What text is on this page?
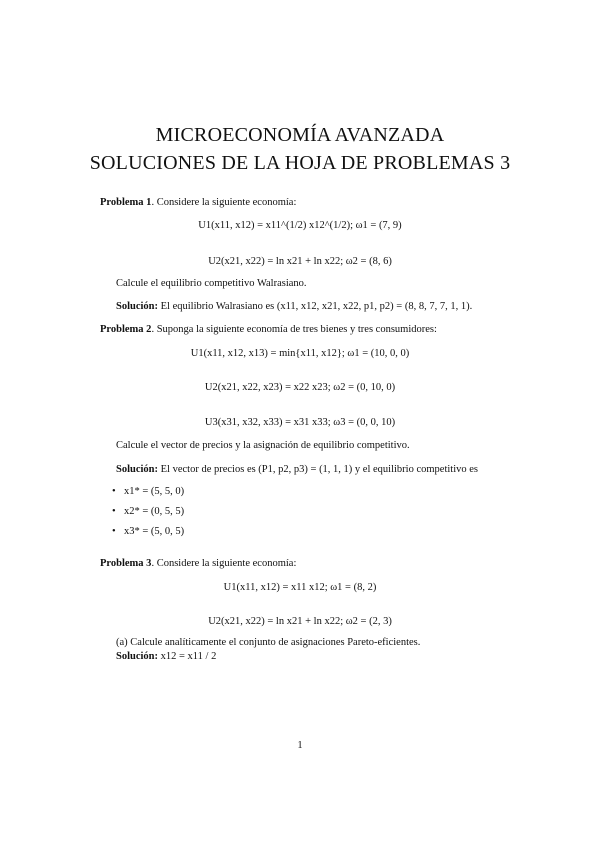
MICROECONOMÍA AVANZADA
SOLUCIONES DE LA HOJA DE PROBLEMAS 3
Problema 1. Considere la siguiente economía:
U1(x11, x12) = x11^(1/2) x12^(1/2); ω1 = (7, 9)
U2(x21, x22) = ln x21 + ln x22; ω2 = (8, 6)
Calcule el equilibrio competitivo Walrasiano.
Solución: El equilibrio Walrasiano es (x11, x12, x21, x22, p1, p2) = (8, 8, 7, 7, 1, 1).
Problema 2. Suponga la siguiente economía de tres bienes y tres consumidores:
U1(x11, x12, x13) = min{x11, x12}; ω1 = (10, 0, 0)
U2(x21, x22, x23) = x22 x23; ω2 = (0, 10, 0)
U3(x31, x32, x33) = x31 x33; ω3 = (0, 0, 10)
Calcule el vector de precios y la asignación de equilibrio competitivo.
Solución: El vector de precios es (P1, p2, p3) = (1, 1, 1) y el equilibrio competitivo es
• x1* = (5, 5, 0)
• x2* = (0, 5, 5)
• x3* = (5, 0, 5)
Problema 3. Considere la siguiente economía:
U1(x11, x12) = x11 x12; ω1 = (8, 2)
U2(x21, x22) = ln x21 + ln x22; ω2 = (2, 3)
(a) Calcule analíticamente el conjunto de asignaciones Pareto-eficientes.
Solución: x12 = x11 / 2
1
